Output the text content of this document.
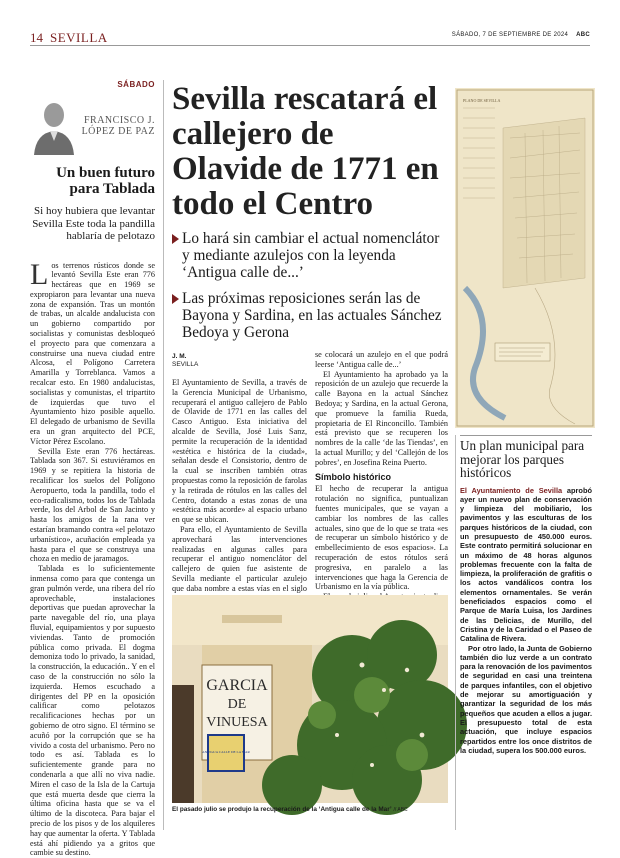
14 SEVILLA	SÁBADO, 7 DE SEPTIEMBRE DE 2024 ABC
SÁBADO
FRANCISCO J.
LÓPEZ DE PAZ
Un buen futuro para Tablada
Si hoy hubiera que levantar Sevilla Este toda la pandilla hablaría de pelotazo

Los terrenos rústicos donde se levantó Sevilla Este eran 776 hectáreas que en 1969 se expropiaron para levantar una nueva zona de expansión. Tras un montón de trabas, un alcalde andalucista con un gobierno compartido por socialistas y comunistas desbloqueó el proyecto para que comenzara a construirse una nueva ciudad entre Alcosa, el Polígono Carretera Amarilla y Torreblanca. Vamos a recalcar esto. En 1980 andalucistas, socialistas y comunistas, el tripartito de izquierdas que tuvo el Ayuntamiento hizo posible aquello. El delegado de urbanismo de Sevilla era un gran arquitecto del PCE, Víctor Pérez Escolano.

Sevilla Este eran 776 hectáreas. Tablada son 367. Si estuviéramos en 1969 y se repitiera la historia de recalificar los suelos del Polígono Aeropuerto, toda la pandilla, todo el eco-radicalismo, todos los de Tablada verde, los del Arbol de San Jacinto y hasta los amigos de la rana ver estarían bramando contra «el pelotazo urbanístico», acuñación empleada ya hasta para el que se construya una choza en medio de jaramagos.

Tablada es lo suficientemente inmensa como para que contenga un gran pulmón verde, una ribera del río aprovechable, instalaciones deportivas que puedan aprovechar la parte navegable del río, una playa fluvial, equipamientos y por supuesto viviendas. Tanto de promoción pública como privada. El dogma demoniza todo lo privado, la sanidad, la construcción, la educación.. Y en el caso de la construcción no sólo la izquierda. Hemos escuchado a dirigentes del PP en la oposición calificar como pelotazos recalificaciones hechas por un gobierno de otro signo. El término se acuñó por la corrupción que se ha vivido a costa del urbanismo. Pero no todo es así. Tablada es lo suficientemente grande para no condenarla a que allí no viva nadie. Miren el caso de la Isla de la Cartuja que está muerta desde que cierra la última oficina hasta que se va el último de la discoteca. Para bajar el precio de los pisos y de los alquileres hay que aumentar la oferta. Y Tablada está ahí pidiendo ya a gritos que cambie su destino.

Sevilla rescatará el callejero de Olavide de 1771 en todo el Centro
Lo hará sin cambiar el actual nomenclátor y mediante azulejos con la leyenda ‘Antigua calle de...’
Las próximas reposiciones serán las de Bayona y Sardina, en las actuales Sánchez Bedoya y Gerona
PLANO DE SEVILLA
J. M.
SEVILLA

El Ayuntamiento de Sevilla, a través de la Gerencia Municipal de Urbanismo, recuperará el antiguo callejero de Pablo de Olavide de 1771 en las calles del Casco Antiguo. Esta iniciativa del alcalde de Sevilla, José Luis Sanz, permite la recuperación de la identidad «estética e histórica de la ciudad», señalan desde el Consistorio, dentro de la cual se inscriben también otras propuestas como la reposición de farolas y la retirada de rótulos en las calles del Centro, dotando a estas zonas de una «estética más acorde» al espacio urbano en que se ubican.

Para ello, el Ayuntamiento de Sevilla aprovechará las intervenciones realizadas en algunas calles para recuperar el antiguo nomenclátor del callejero de quien fue asistente de Sevilla mediante el particular azulejo que daba nombre a estas vías en el siglo

se colocará un azulejo en el que podrá leerse ‘Antigua calle de...’

El Ayuntamiento ha aprobado ya la reposición de un azulejo que recuerde la calle Bayona en la actual Sánchez Bedoya; y Sardina, en la actual Gerona, que promueve la familia Rueda, propietaria de El Rinconcillo. También está previsto que se recuperen los nombres de la calle ‘de las Tiendas’, en la actual Murillo; y del ‘Callejón de los pobres’, en Josefina Reina Puerto.

Símbolo histórico

El hecho de recuperar la antigua rotulación no significa, puntualizan fuentes municipales, que se vayan a cambiar los nombres de las calles actuales, sino que de lo que se trata «es de recuperar un símbolo histórico y de embellecimiento de esos espacios». La recuperación de estos rótulos será progresiva, en paralelo a las intervenciones que haga la Gerencia de Urbanismo en la vía pública.

GARCIA
DE
VINUESA
ANTIGUA CALLE DE LA MAR
El pasado julio se produjo la recuperación de la ‘Antigua calle de la Mar’ // ABC
Un plan municipal para mejorar los parques históricos

El Ayuntamiento de Sevilla aprobó ayer un nuevo plan de conservación y limpieza del mobiliario, los pavimentos y las esculturas de los parques históricos de la ciudad, con un presupuesto de 450.000 euros. Este contrato permitirá solucionar en un máximo de 48 horas algunos problemas frecuente con la falta de limpieza, la proliferación de grafitis o los actos vandálicos contra los elementos ornamentales. Se verán beneficiados espacios como el Parque de María Luisa, los Jardines de las Delicias, de Murillo, del Cristina y de la Caridad o el Paseo de Catalina de Rivera.

Por otro lado, la Junta de Gobierno también dio luz verde a un contrato para la renovación de los pavimentos de seguridad en casi una treintena de parques infantiles, con el objetivo de mejorar su amortiguación y garantizar la seguridad de los más pequeños que acuden a ellos a jugar. El presupuesto total de esta actuación, que incluye espacios repartidos entre los once distritos de la ciudad, supera los 500.000 euros.
